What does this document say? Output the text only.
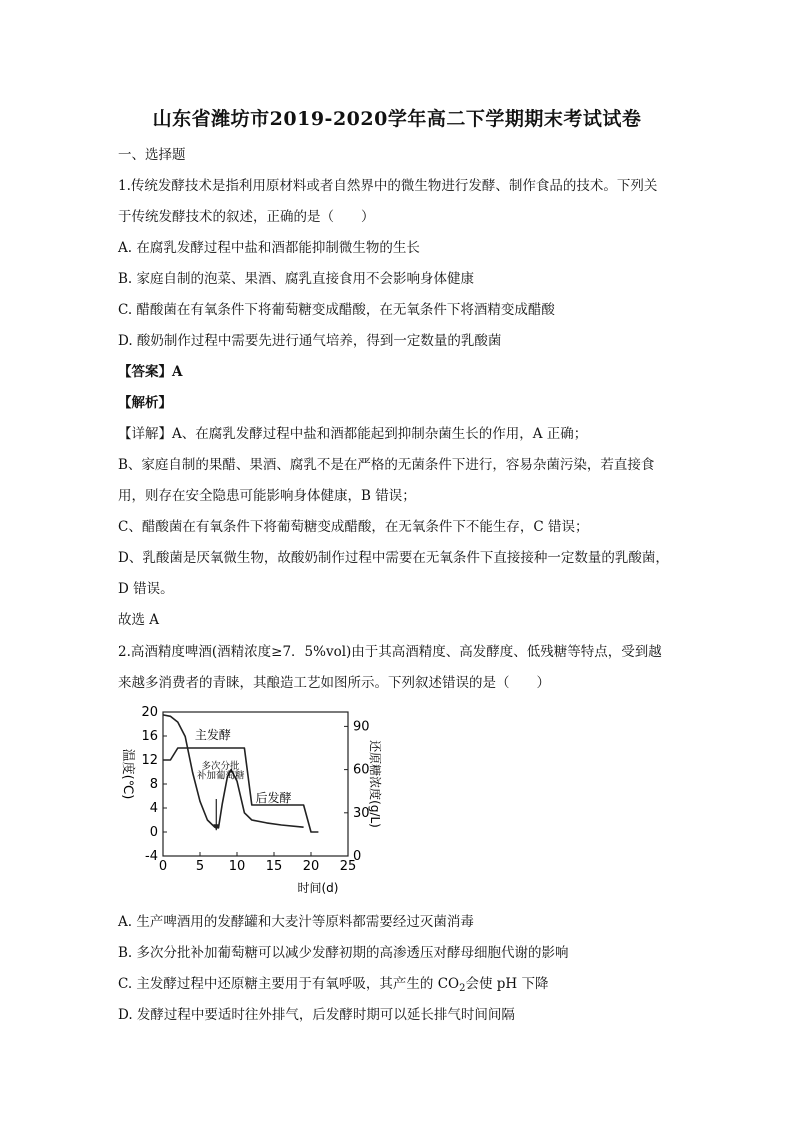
山东省潍坊市2019-2020学年高二下学期期末考试试卷
一、选择题
1.传统发酵技术是指利用原材料或者自然界中的微生物进行发酵、制作食品的技术。下列关
于传统发酵技术的叙述，正确的是（　　）
A. 在腐乳发酵过程中盐和酒都能抑制微生物的生长
B. 家庭自制的泡菜、果酒、腐乳直接食用不会影响身体健康
C. 醋酸菌在有氧条件下将葡萄糖变成醋酸，在无氧条件下将酒精变成醋酸
D. 酸奶制作过程中需要先进行通气培养，得到一定数量的乳酸菌
【答案】A
【解析】
【详解】A、在腐乳发酵过程中盐和酒都能起到抑制杂菌生长的作用，A 正确；
B、家庭自制的果醋、果酒、腐乳不是在严格的无菌条件下进行，容易杂菌污染，若直接食
用，则存在安全隐患可能影响身体健康，B 错误；
C、醋酸菌在有氧条件下将葡萄糖变成醋酸，在无氧条件下不能生存，C 错误；
D、乳酸菌是厌氧微生物，故酸奶制作过程中需要在无氧条件下直接接种一定数量的乳酸菌，
D 错误。
故选 A
2.高酒精度啤酒(酒精浓度≥7．5%vol)由于其高酒精度、高发酵度、低残糖等特点，受到越
来越多消费者的青睐，其酿造工艺如图所示。下列叙述错误的是（　　）
0 5 10 15 20 25
-4
0
4
8
12
16
20
0
30
60
90
时间(d)
温度(℃)	还原糖浓度(g/L)
主发酵
多次分批
补加葡萄糖
后发酵
A. 生产啤酒用的发酵罐和大麦汁等原料都需要经过灭菌消毒
B. 多次分批补加葡萄糖可以减少发酵初期的高渗透压对酵母细胞代谢的影响
C. 主发酵过程中还原糖主要用于有氧呼吸，其产生的 $CO_2$会使 pH 下降
D. 发酵过程中要适时往外排气，后发酵时期可以延长排气时间间隔
